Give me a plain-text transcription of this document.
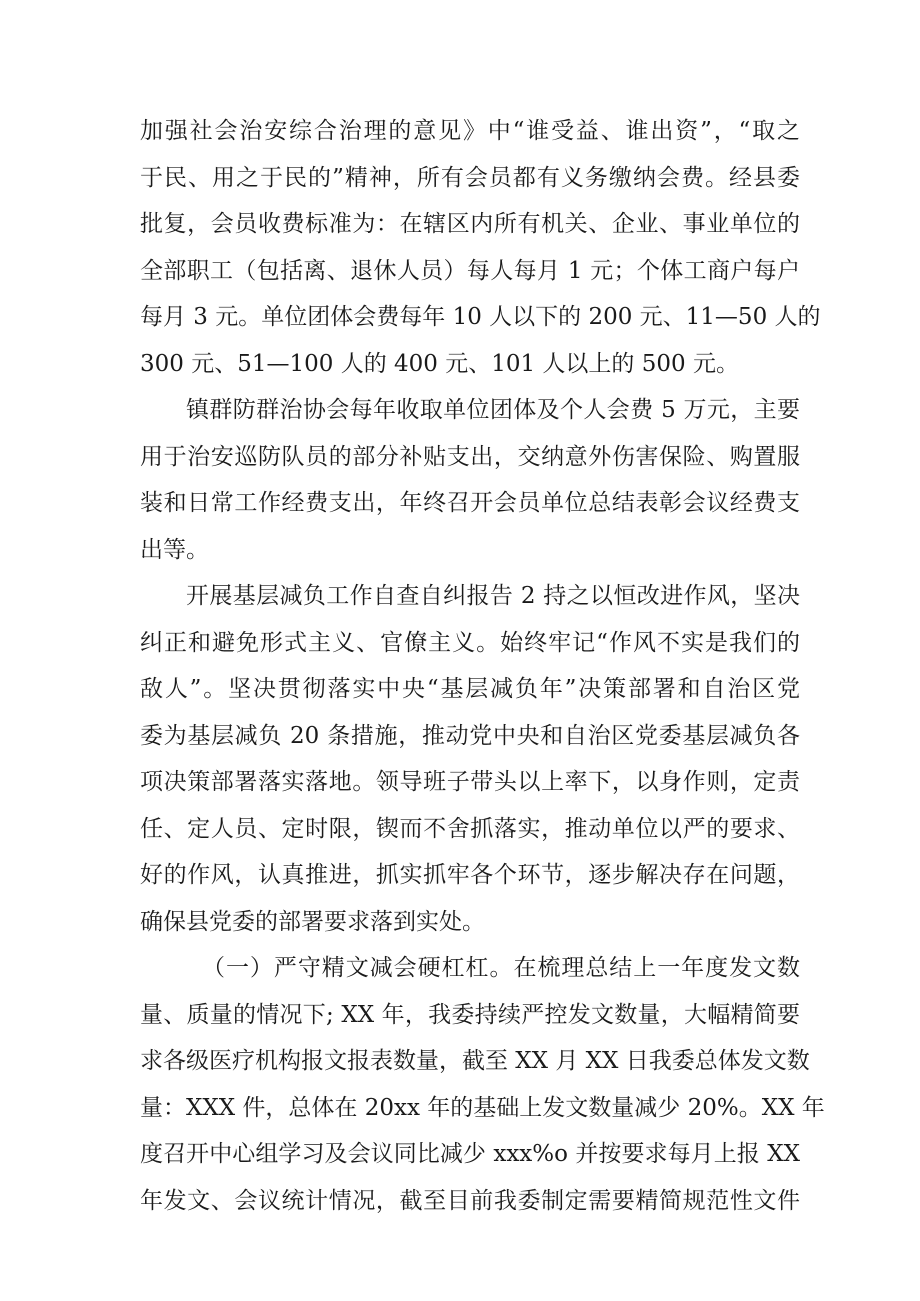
加强社会治安综合治理的意见》中“谁受益、谁出资”，“取之
于民、用之于民的”精神，所有会员都有义务缴纳会费。经县委
批复，会员收费标准为：在辖区内所有机关、企业、事业单位的
全部职工（包括离、退休人员）每人每月 1 元；个体工商户每户
每月 3 元。单位团体会费每年 10 人以下的 200 元、11—50 人的
300 元、51—100 人的 400 元、101 人以上的 500 元。
镇群防群治协会每年收取单位团体及个人会费 5 万元，主要
用于治安巡防队员的部分补贴支出，交纳意外伤害保险、购置服
装和日常工作经费支出，年终召开会员单位总结表彰会议经费支
出等。
开展基层减负工作自查自纠报告 2 持之以恒改进作风，坚决
纠正和避免形式主义、官僚主义。始终牢记“作风不实是我们的
敌人”。坚决贯彻落实中央“基层减负年”决策部署和自治区党
委为基层减负 20 条措施，推动党中央和自治区党委基层减负各
项决策部署落实落地。领导班子带头以上率下，以身作则，定责
任、定人员、定时限，锲而不舍抓落实，推动单位以严的要求、
好的作风，认真推进，抓实抓牢各个环节，逐步解决存在问题，
确保县党委的部署要求落到实处。
（一）严守精文减会硬杠杠。在梳理总结上一年度发文数
量、质量的情况下; XX 年，我委持续严控发文数量，大幅精简要
求各级医疗机构报文报表数量，截至 XX 月 XX 日我委总体发文数
量：XXX 件，总体在 20xx 年的基础上发文数量减少 20%。XX 年
度召开中心组学习及会议同比减少 xxx%o 并按要求每月上报 XX
年发文、会议统计情况，截至目前我委制定需要精简规范性文件
